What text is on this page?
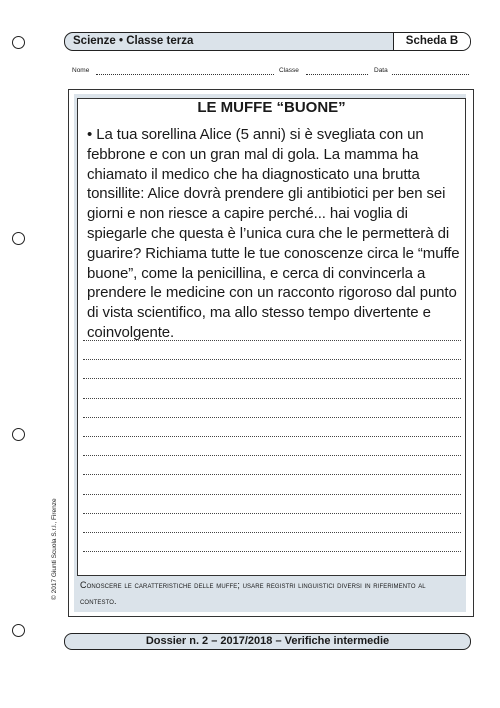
Scienze • Classe terza	Scheda B
Nome	Classe	Data
LE MUFFE “BUONE”
• La tua sorellina Alice (5 anni) si è svegliata con un febbrone e con un gran mal di gola. La mamma ha chiamato il medico che ha diagnosticato una brutta tonsillite: Alice dovrà prendere gli antibiotici per ben sei giorni e non riesce a capire perché... hai voglia di spiegarle che questa è l’unica cura che le permetterà di guarire? Richiama tutte le tue conoscenze circa le “muffe buone”, come la penicillina, e cerca di convincerla a prendere le medicine con un racconto rigoroso dal punto di vista scientifico, ma allo stesso tempo divertente e coinvolgente.
Conoscere le caratteristiche delle muffe; usare registri linguistici diversi in riferimento al contesto.
Dossier n. 2 – 2017/2018 – Verifiche intermedie
© 2017 Giunti Scuola S.r.l., Firenze
